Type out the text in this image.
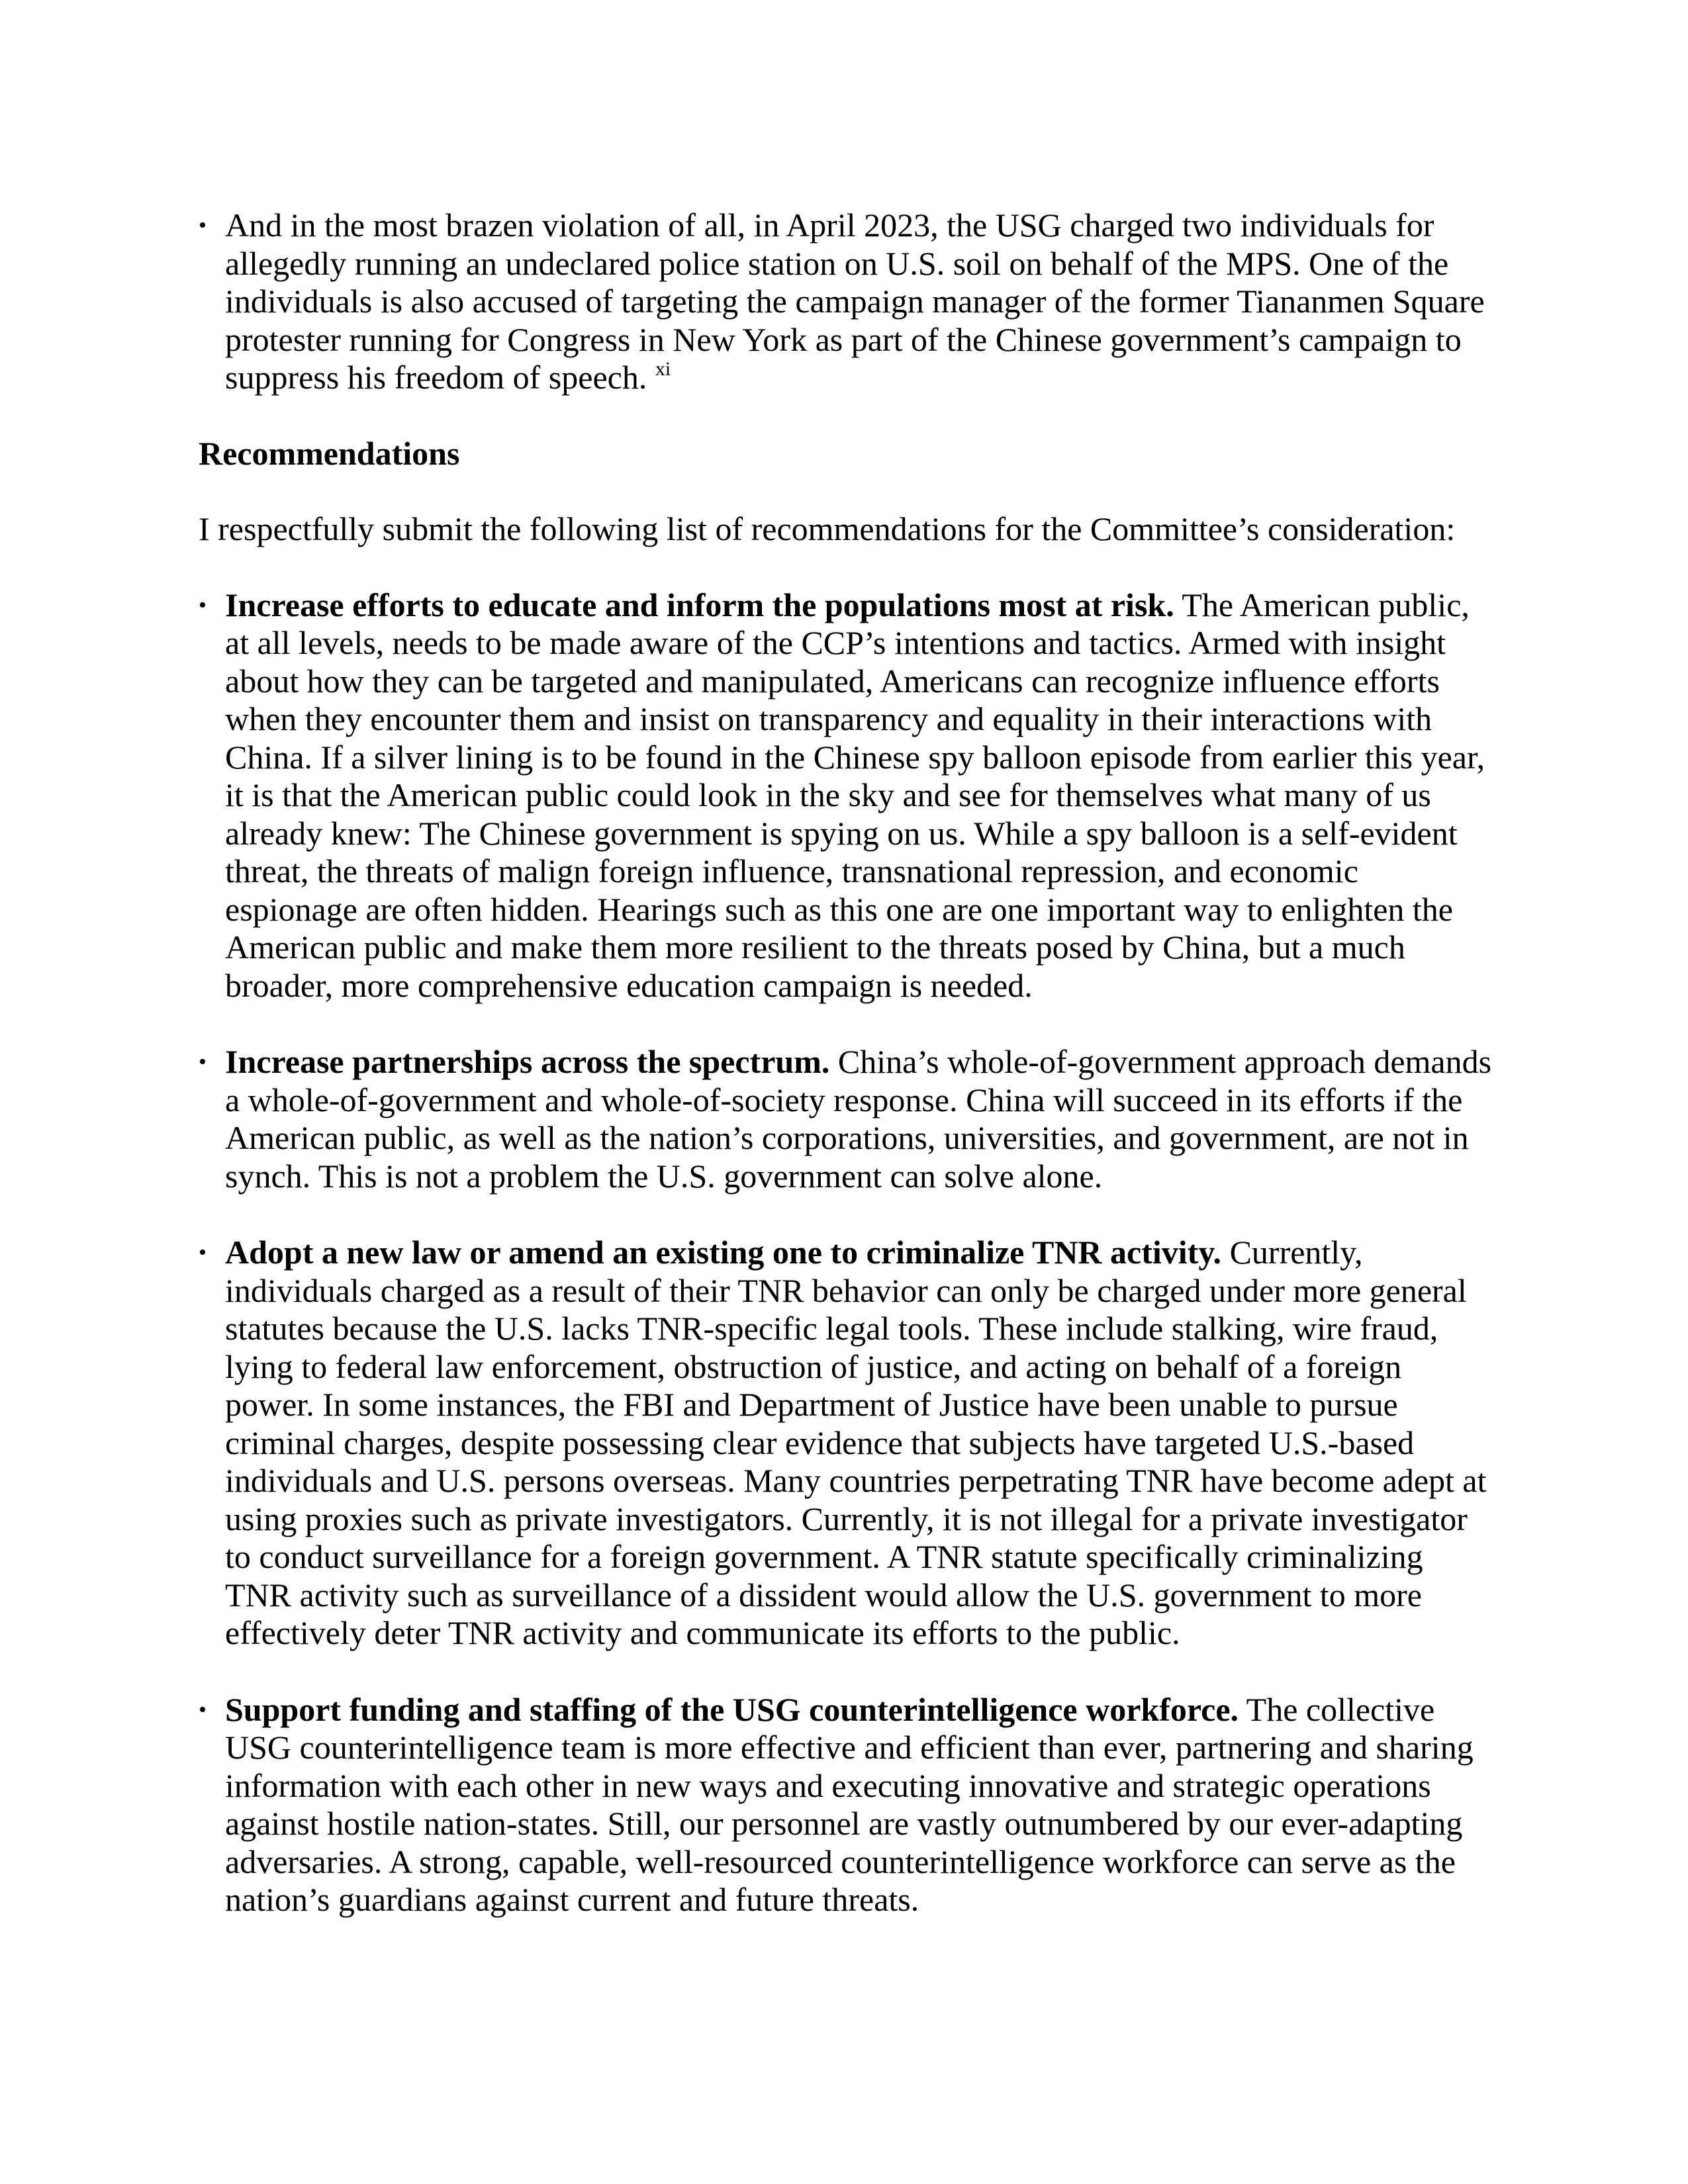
• And in the most brazen violation of all, in April 2023, the USG charged two individuals for allegedly running an undeclared police station on U.S. soil on behalf of the MPS. One of the individuals is also accused of targeting the campaign manager of the former Tiananmen Square protester running for Congress in New York as part of the Chinese government’s campaign to suppress his freedom of speech. $^{xi}$

Recommendations

I respectfully submit the following list of recommendations for the Committee’s consideration:

• Increase efforts to educate and inform the populations most at risk. The American public, at all levels, needs to be made aware of the CCP’s intentions and tactics. Armed with insight about how they can be targeted and manipulated, Americans can recognize influence efforts when they encounter them and insist on transparency and equality in their interactions with China. If a silver lining is to be found in the Chinese spy balloon episode from earlier this year, it is that the American public could look in the sky and see for themselves what many of us already knew: The Chinese government is spying on us. While a spy balloon is a self-evident threat, the threats of malign foreign influence, transnational repression, and economic espionage are often hidden. Hearings such as this one are one important way to enlighten the American public and make them more resilient to the threats posed by China, but a much broader, more comprehensive education campaign is needed.
• Increase partnerships across the spectrum. China’s whole-of-government approach demands a whole-of-government and whole-of-society response. China will succeed in its efforts if the American public, as well as the nation’s corporations, universities, and government, are not in synch. This is not a problem the U.S. government can solve alone.
• Adopt a new law or amend an existing one to criminalize TNR activity. Currently, individuals charged as a result of their TNR behavior can only be charged under more general statutes because the U.S. lacks TNR-specific legal tools. These include stalking, wire fraud, lying to federal law enforcement, obstruction of justice, and acting on behalf of a foreign power. In some instances, the FBI and Department of Justice have been unable to pursue criminal charges, despite possessing clear evidence that subjects have targeted U.S.-based individuals and U.S. persons overseas. Many countries perpetrating TNR have become adept at using proxies such as private investigators. Currently, it is not illegal for a private investigator to conduct surveillance for a foreign government. A TNR statute specifically criminalizing TNR activity such as surveillance of a dissident would allow the U.S. government to more effectively deter TNR activity and communicate its efforts to the public.
• Support funding and staffing of the USG counterintelligence workforce. The collective USG counterintelligence team is more effective and efficient than ever, partnering and sharing information with each other in new ways and executing innovative and strategic operations against hostile nation-states. Still, our personnel are vastly outnumbered by our ever-adapting adversaries. A strong, capable, well-resourced counterintelligence workforce can serve as the nation’s guardians against current and future threats.
